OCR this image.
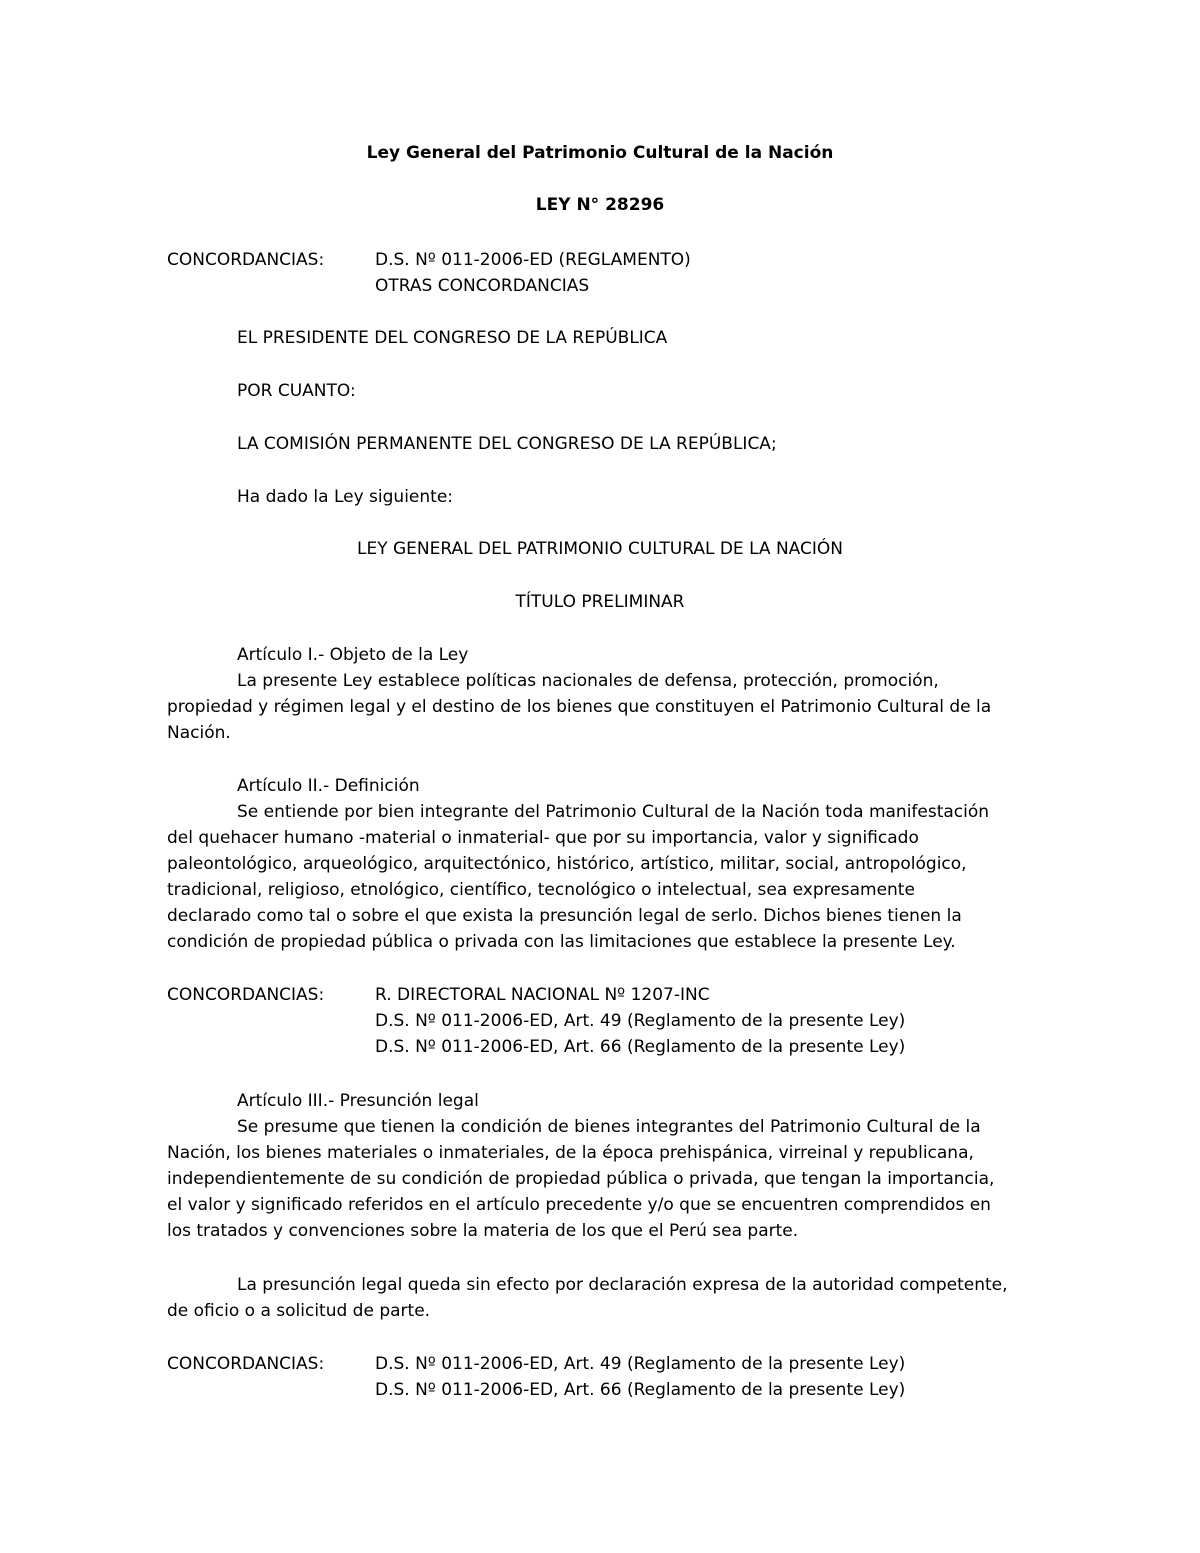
Ley General del Patrimonio Cultural de la Nación
LEY N° 28296
CONCORDANCIAS:	D.S. Nº 011-2006-ED (REGLAMENTO)
OTRAS CONCORDANCIAS
EL PRESIDENTE DEL CONGRESO DE LA REPÚBLICA
POR CUANTO:
LA COMISIÓN PERMANENTE DEL CONGRESO DE LA REPÚBLICA;
Ha dado la Ley siguiente:
LEY GENERAL DEL PATRIMONIO CULTURAL DE LA NACIÓN
TÍTULO PRELIMINAR
Artículo I.- Objeto de la Ley
La presente Ley establece políticas nacionales de defensa, protección, promoción,
propiedad y régimen legal y el destino de los bienes que constituyen el Patrimonio Cultural de la
Nación.
Artículo II.- Definición
Se entiende por bien integrante del Patrimonio Cultural de la Nación toda manifestación
del quehacer humano -material o inmaterial- que por su importancia, valor y significado
paleontológico, arqueológico, arquitectónico, histórico, artístico, militar, social, antropológico,
tradicional, religioso, etnológico, científico, tecnológico o intelectual, sea expresamente
declarado como tal o sobre el que exista la presunción legal de serlo. Dichos bienes tienen la
condición de propiedad pública o privada con las limitaciones que establece la presente Ley.
CONCORDANCIAS:	R. DIRECTORAL NACIONAL Nº 1207-INC
D.S. Nº 011-2006-ED, Art. 49 (Reglamento de la presente Ley)
D.S. Nº 011-2006-ED, Art. 66 (Reglamento de la presente Ley)
Artículo III.- Presunción legal
Se presume que tienen la condición de bienes integrantes del Patrimonio Cultural de la
Nación, los bienes materiales o inmateriales, de la época prehispánica, virreinal y republicana,
independientemente de su condición de propiedad pública o privada, que tengan la importancia,
el valor y significado referidos en el artículo precedente y/o que se encuentren comprendidos en
los tratados y convenciones sobre la materia de los que el Perú sea parte.
La presunción legal queda sin efecto por declaración expresa de la autoridad competente,
de oficio o a solicitud de parte.
CONCORDANCIAS:	D.S. Nº 011-2006-ED, Art. 49 (Reglamento de la presente Ley)
D.S. Nº 011-2006-ED, Art. 66 (Reglamento de la presente Ley)
